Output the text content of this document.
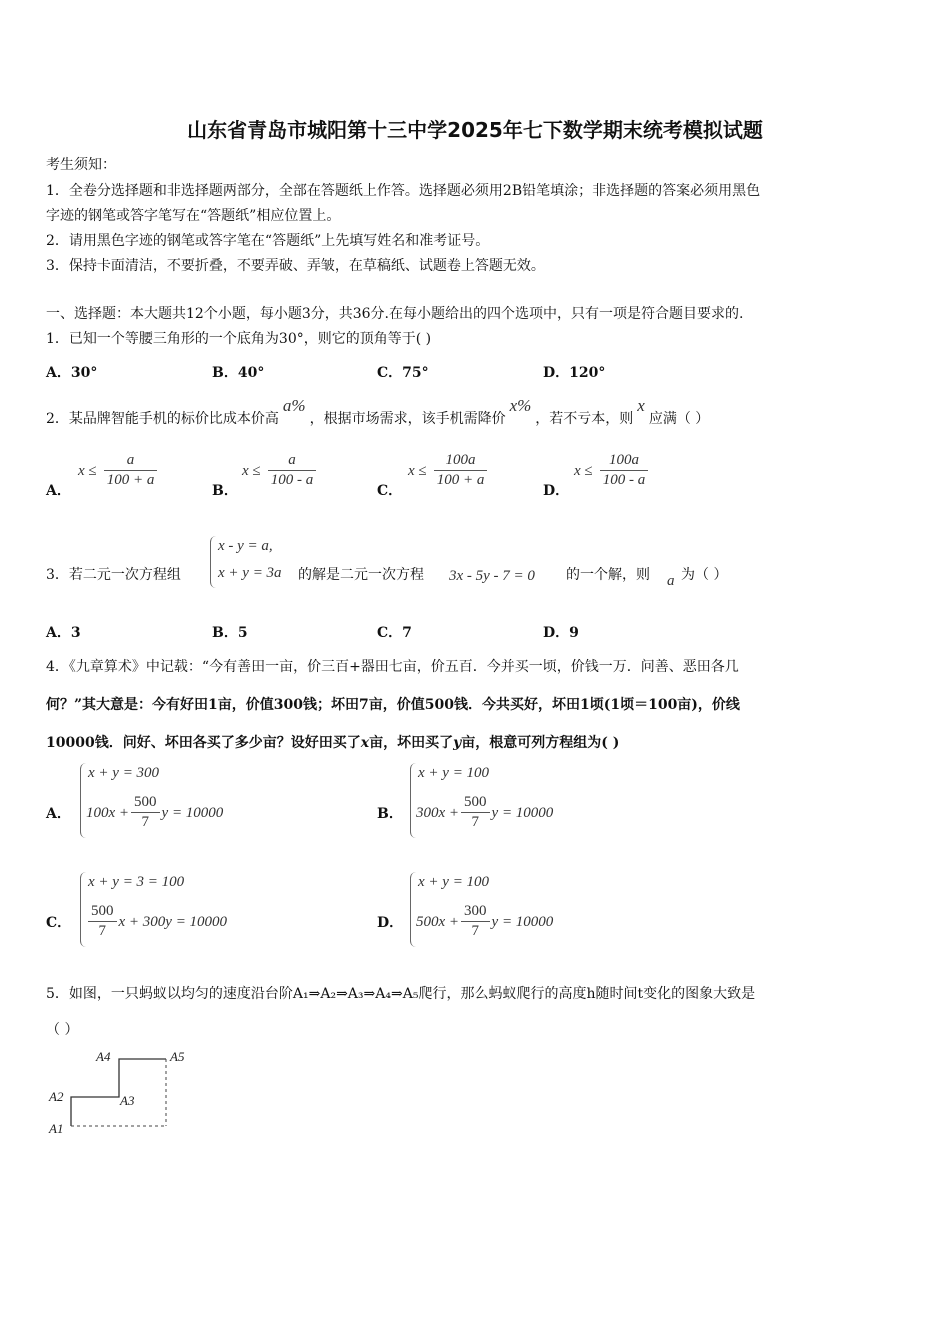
山东省青岛市城阳第十三中学2025年七下数学期末统考模拟试题
考生须知：
1．全卷分选择题和非选择题两部分，全部在答题纸上作答。选择题必须用2B铅笔填涂；非选择题的答案必须用黑色
字迹的钢笔或答字笔写在“答题纸”相应位置上。
2．请用黑色字迹的钢笔或答字笔在“答题纸”上先填写姓名和准考证号。
3．保持卡面清洁，不要折叠，不要弄破、弄皱，在草稿纸、试题卷上答题无效。
一、选择题：本大题共12个小题，每小题3分，共36分.在每小题给出的四个选项中，只有一项是符合题目要求的.
1．已知一个等腰三角形的一个底角为30°，则它的顶角等于( )
A．30°	B．40°	C．75°	D．120°
2．某品牌智能手机的标价比成本价高a%，根据市场需求，该手机需降价x%，若不亏本，则x应满（ ）
A．
$x \le \frac{a}{100 + a}$
B．
$x \le \frac{a}{100 - a}$
C．
$x \le \frac{100a}{100 + a}$
D．
$x \le \frac{100a}{100 - a}$
3．若二元一次方程组
x - y = a,
x + y = 3a 的解是二元一次方程 3x - 5y - 7 = 0 的一个解，则 a 为（ ）
A．3	B．5	C．7	D．9
4．《九章算术》中记载：“今有善田一亩，价三百+器田七亩，价五百．今并买一顷，价钱一万．问善、恶田各几
何？”其大意是：今有好田1亩，价值300钱；坏田7亩，价值500钱．今共买好，坏田1顷(1顷＝100亩)，价线
10000钱．问好、坏田各买了多少亩？设好田买了x亩，坏田买了y亩，根意可列方程组为( )
A．
x + y = 300
$100x + \frac{500}{7}$ y = 10000	B．
x + y = 100
$300x + \frac{500}{7}$ y = 10000
C．
x + y = 3 = 100
$\frac{500}{7}$ x + 300y = 10000	D．
x + y = 100
$500x + \frac{300}{7}$ y = 10000
5．如图，一只蚂蚁以均匀的速度沿台阶A₁⇒A₂⇒A₃⇒A₄⇒A₅爬行，那么蚂蚁爬行的高度h随时间t变化的图象大致是
（ ）
A4	A5
A2	A3
A1
